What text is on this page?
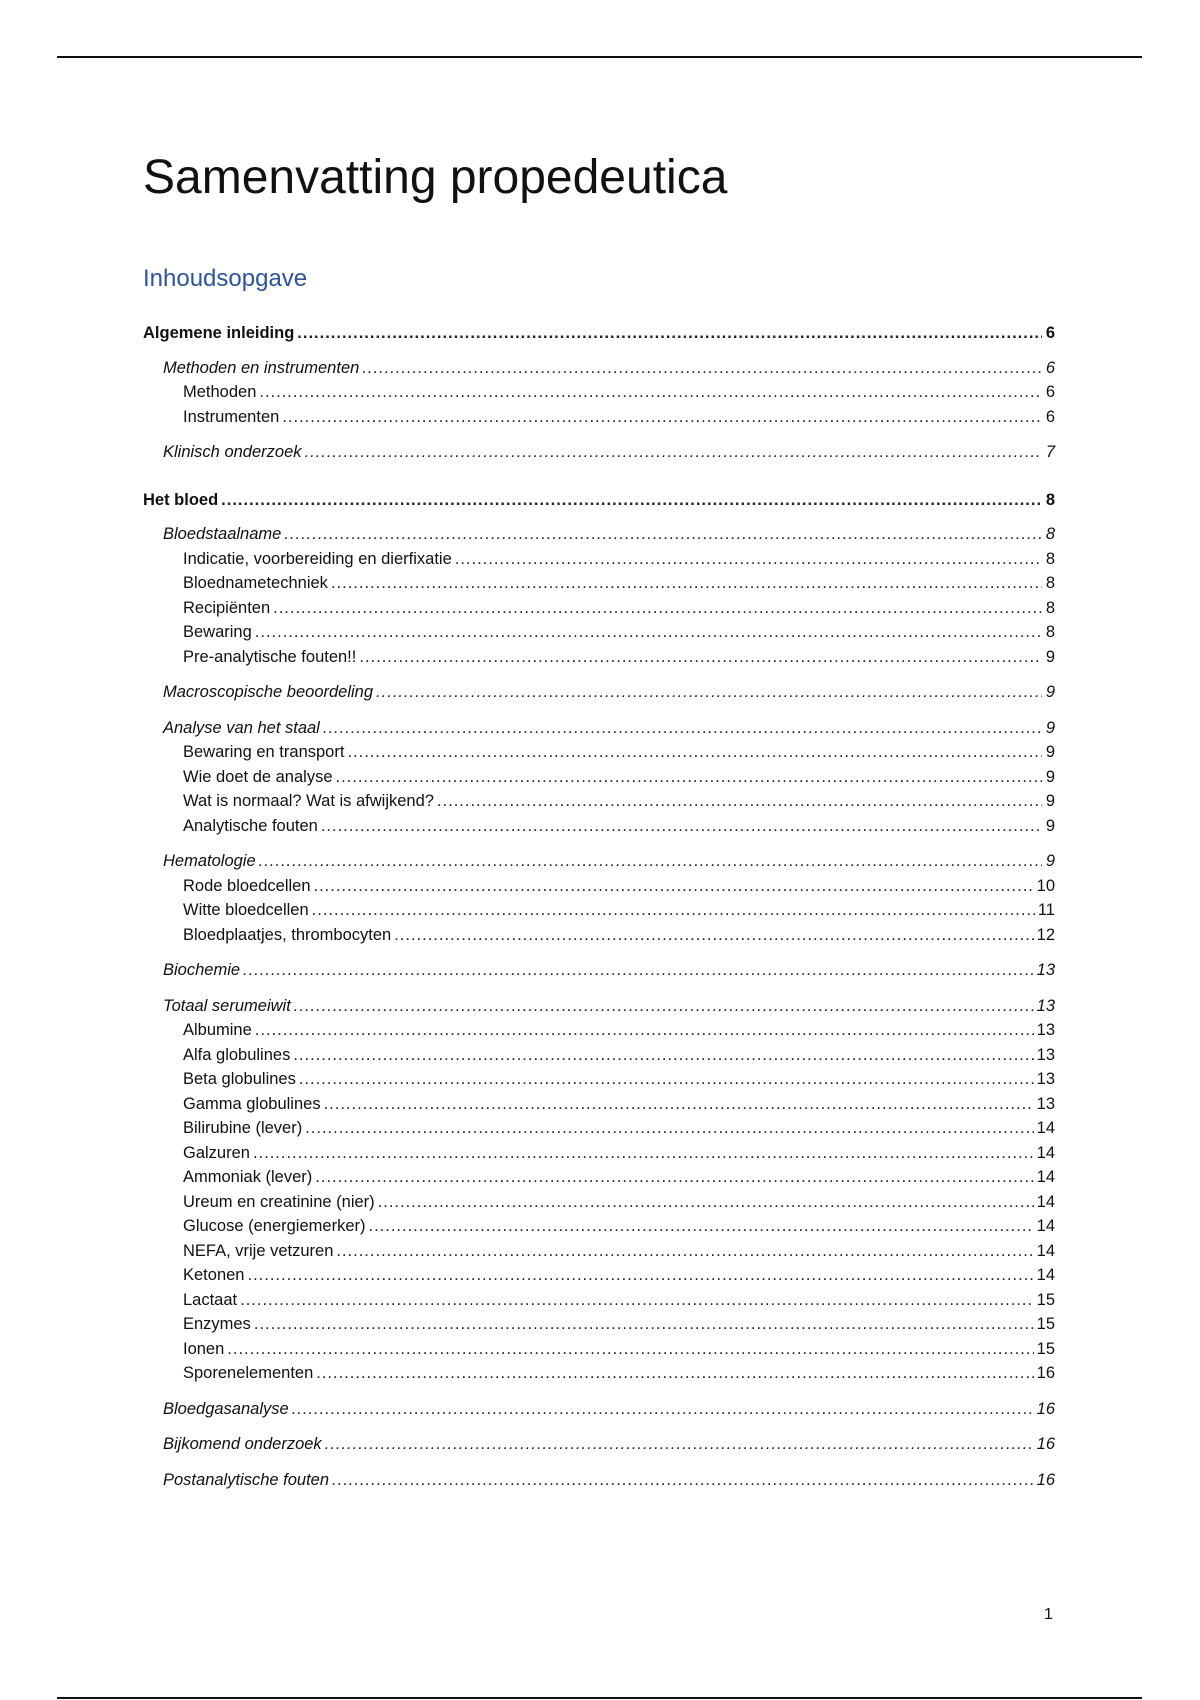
Samenvatting propedeutica
Inhoudsopgave
Algemene inleiding .....	6
Methoden en instrumenten .....	6
Methoden .....	6
Instrumenten .....	6
Klinisch onderzoek .....	7
Het bloed .....	8
Bloedstaalname .....	8
Indicatie, voorbereiding en dierfixatie .....	8
Bloednametechniek .....	8
Recipiënten .....	8
Bewaring .....	8
Pre-analytische fouten!! .....	9
Macroscopische beoordeling .....	9
Analyse van het staal .....	9
Bewaring en transport .....	9
Wie doet de analyse .....	9
Wat is normaal? Wat is afwijkend? .....	9
Analytische fouten .....	9
Hematologie .....	9
Rode bloedcellen .....	10
Witte bloedcellen .....	11
Bloedplaatjes, thrombocyten .....	12
Biochemie .....	13
Totaal serumeiwit .....	13
Albumine .....	13
Alfa globulines .....	13
Beta globulines .....	13
Gamma globulines .....	13
Bilirubine (lever) .....	14
Galzuren .....	14
Ammoniak (lever) .....	14
Ureum en creatinine (nier) .....	14
Glucose (energiemerker) .....	14
NEFA, vrije vetzuren .....	14
Ketonen .....	14
Lactaat .....	15
Enzymes .....	15
Ionen .....	15
Sporenelementen .....	16
Bloedgasanalyse .....	16
Bijkomend onderzoek .....	16
Postanalytische fouten .....	16
1
